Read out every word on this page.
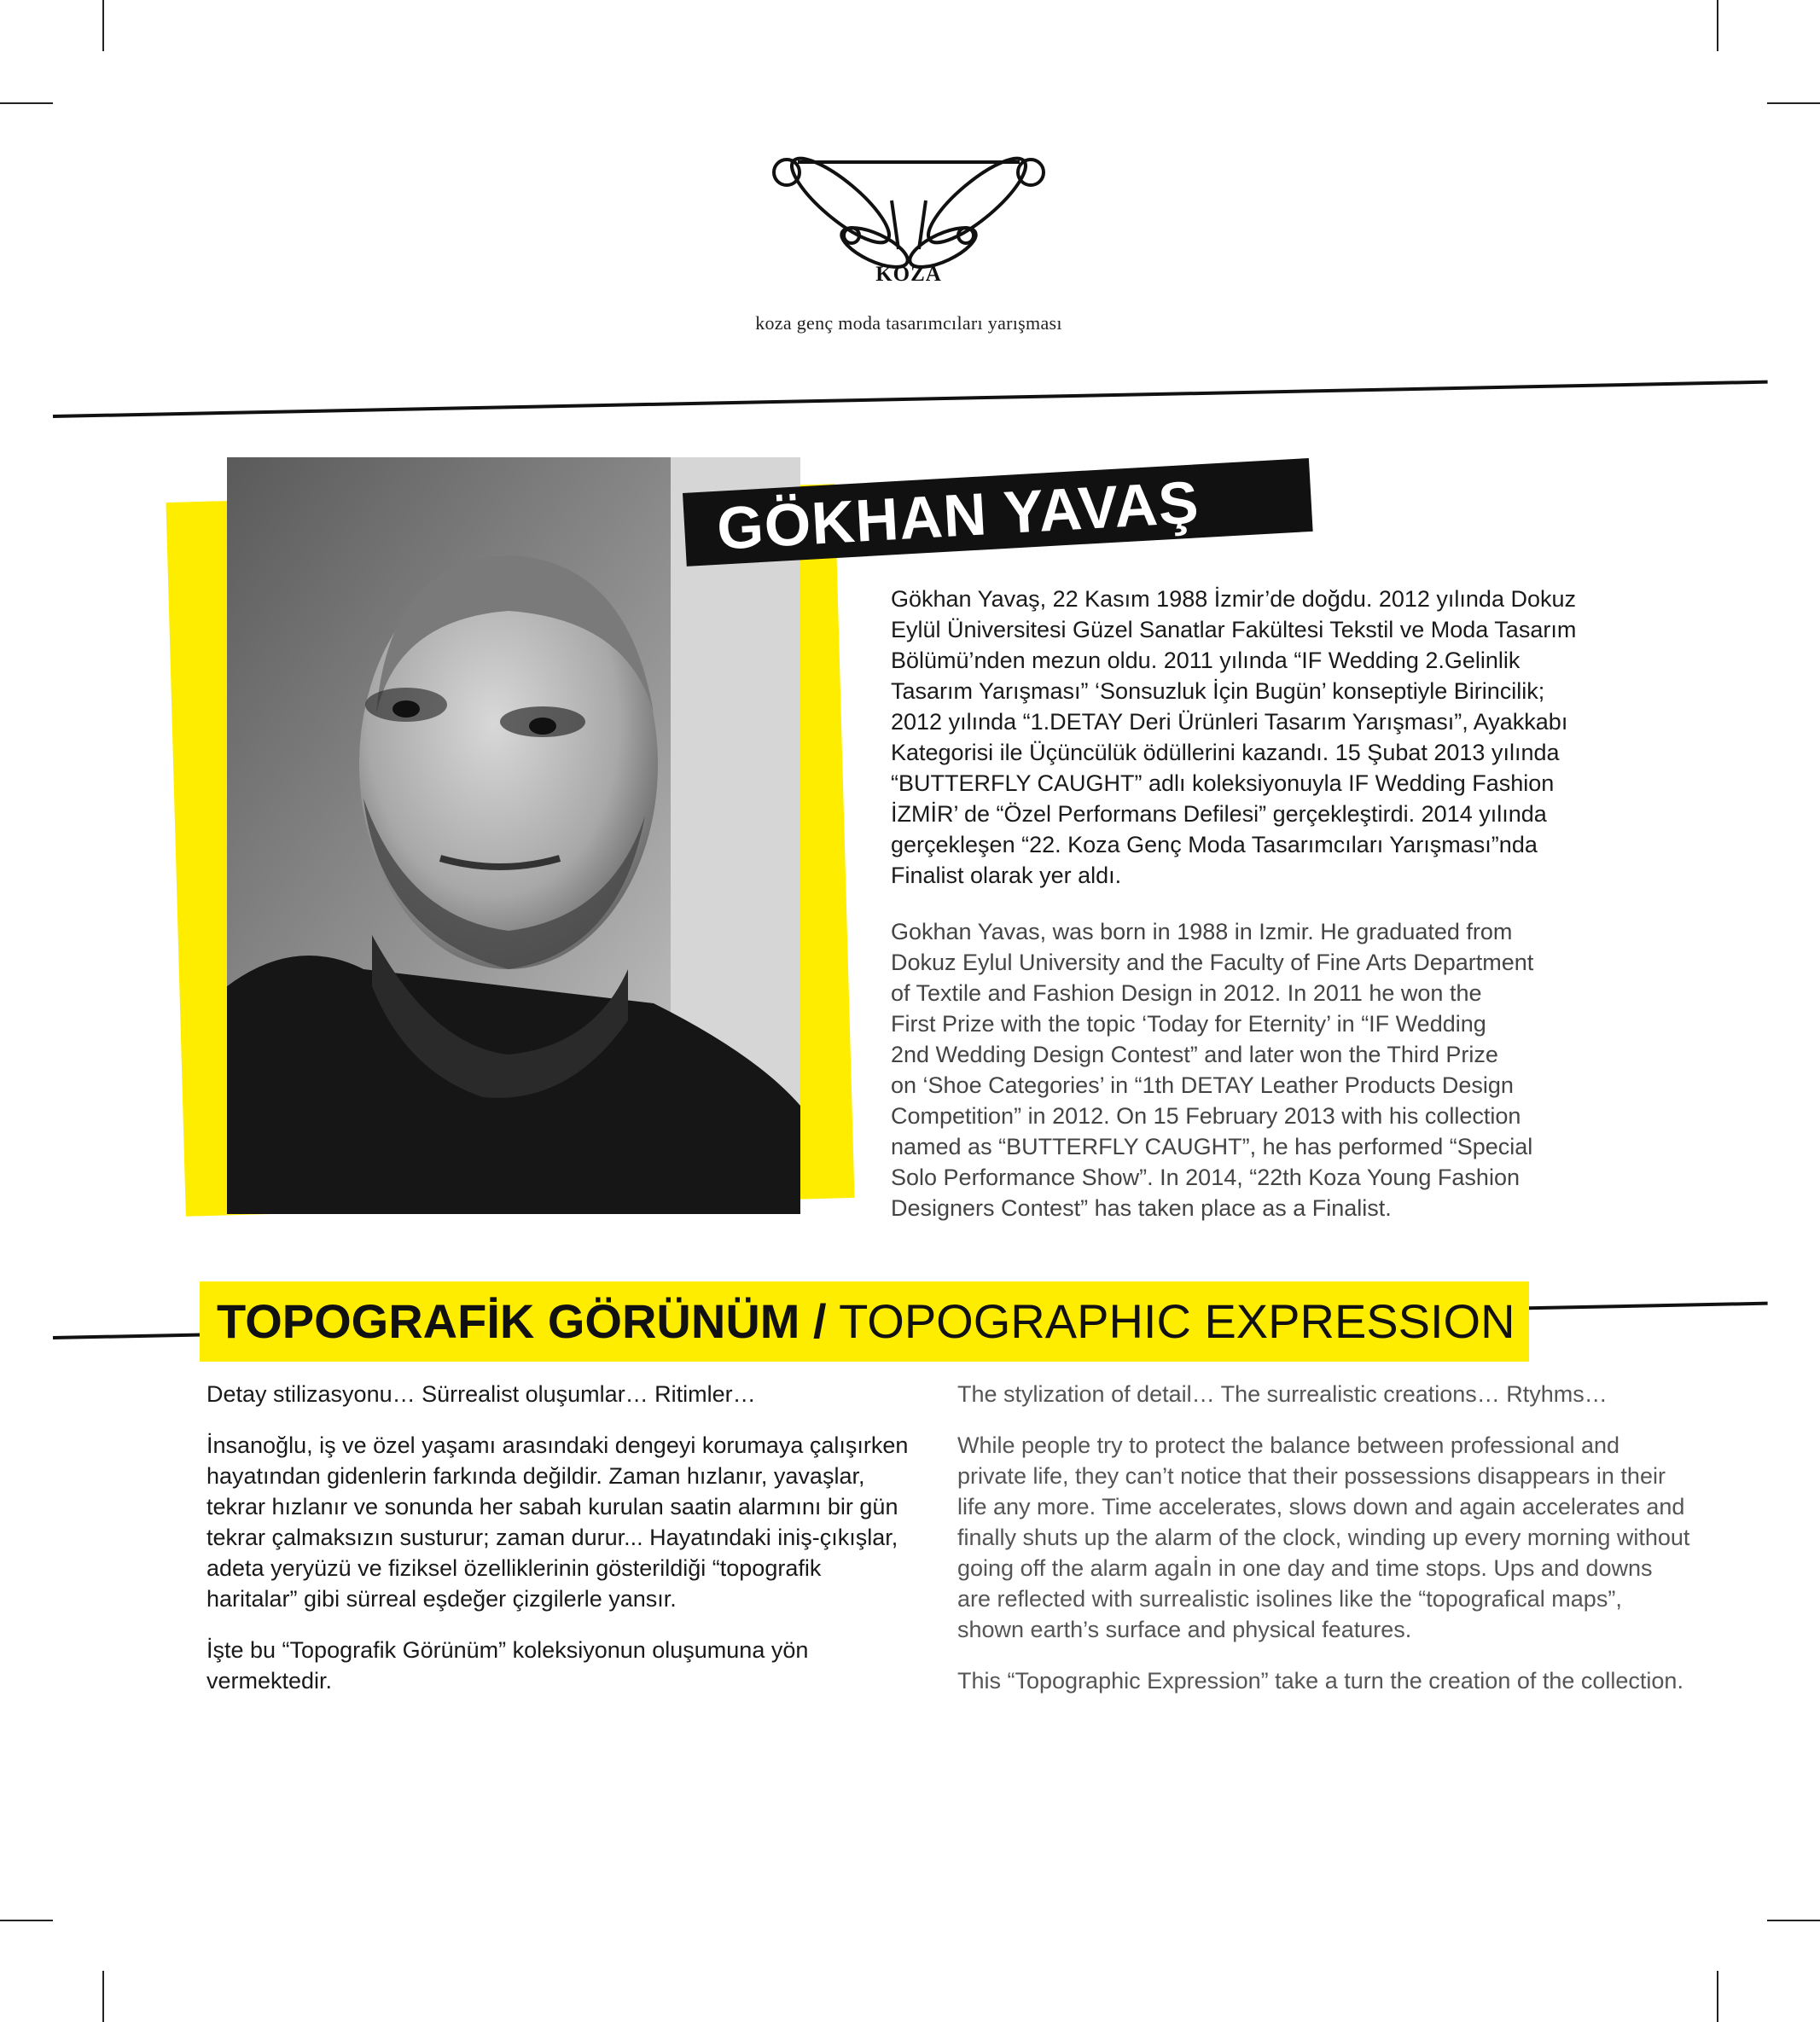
KOZA
koza genç moda tasarımcıları yarışması
GÖKHAN YAVAŞ
Gökhan Yavaş, 22 Kasım 1988 İzmir’de doğdu. 2012 yılında Dokuz
Eylül Üniversitesi Güzel Sanatlar Fakültesi Tekstil ve Moda Tasarım
Bölümü’nden mezun oldu. 2011 yılında “IF Wedding 2.Gelinlik
Tasarım Yarışması” ‘Sonsuzluk İçin Bugün’ konseptiyle Birincilik;
2012 yılında “1.DETAY Deri Ürünleri Tasarım Yarışması”, Ayakkabı
Kategorisi ile Üçüncülük ödüllerini kazandı. 15 Şubat 2013 yılında
“BUTTERFLY CAUGHT” adlı koleksiyonuyla IF Wedding Fashion
İZMİR’ de “Özel Performans Defilesi” gerçekleştirdi. 2014 yılında
gerçekleşen “22. Koza Genç Moda Tasarımcıları Yarışması”nda
Finalist olarak yer aldı.
Gokhan Yavas, was born in 1988 in Izmir. He graduated from
Dokuz Eylul University and the Faculty of Fine Arts Department
of Textile and Fashion Design in 2012. In 2011 he won the
First Prize with the topic ‘Today for Eternity’ in “IF Wedding
2nd Wedding Design Contest” and later won the Third Prize
on ‘Shoe Categories’ in “1th DETAY Leather Products Design
Competition” in 2012. On 15 February 2013 with his collection
named as “BUTTERFLY CAUGHT”, he has performed “Special
Solo Performance Show”. In 2014, “22th Koza Young Fashion
Designers Contest” has taken place as a Finalist.
TOPOGRAFİK GÖRÜNÜM / TOPOGRAPHIC EXPRESSION

Detay stilizasyonu… Sürrealist oluşumlar… Ritimler…

İnsanoğlu, iş ve özel yaşamı arasındaki dengeyi korumaya çalışırken hayatından gidenlerin farkında değildir. Zaman hızlanır, yavaşlar, tekrar hızlanır ve sonunda her sabah kurulan saatin alarmını bir gün tekrar çalmaksızın susturur; zaman durur... Hayatındaki iniş-çıkışlar, adeta yeryüzü ve fiziksel özelliklerinin gösterildiği “topografik haritalar” gibi sürreal eşdeğer çizgilerle yansır.

İşte bu “Topografik Görünüm” koleksiyonun oluşumuna yön vermektedir.

The stylization of detail… The surrealistic creations… Rtyhms…

While people try to protect the balance between professional and private life, they can’t notice that their possessions disappears in their life any more. Time accelerates, slows down and again accelerates and finally shuts up the alarm of the clock, winding up every morning without going off the alarm agaİn in one day and time stops. Ups and downs are reflected with surrealistic isolines like the “topografical maps”, shown earth’s surface and physical features.

This “Topographic Expression” take a turn the creation of the collection.
